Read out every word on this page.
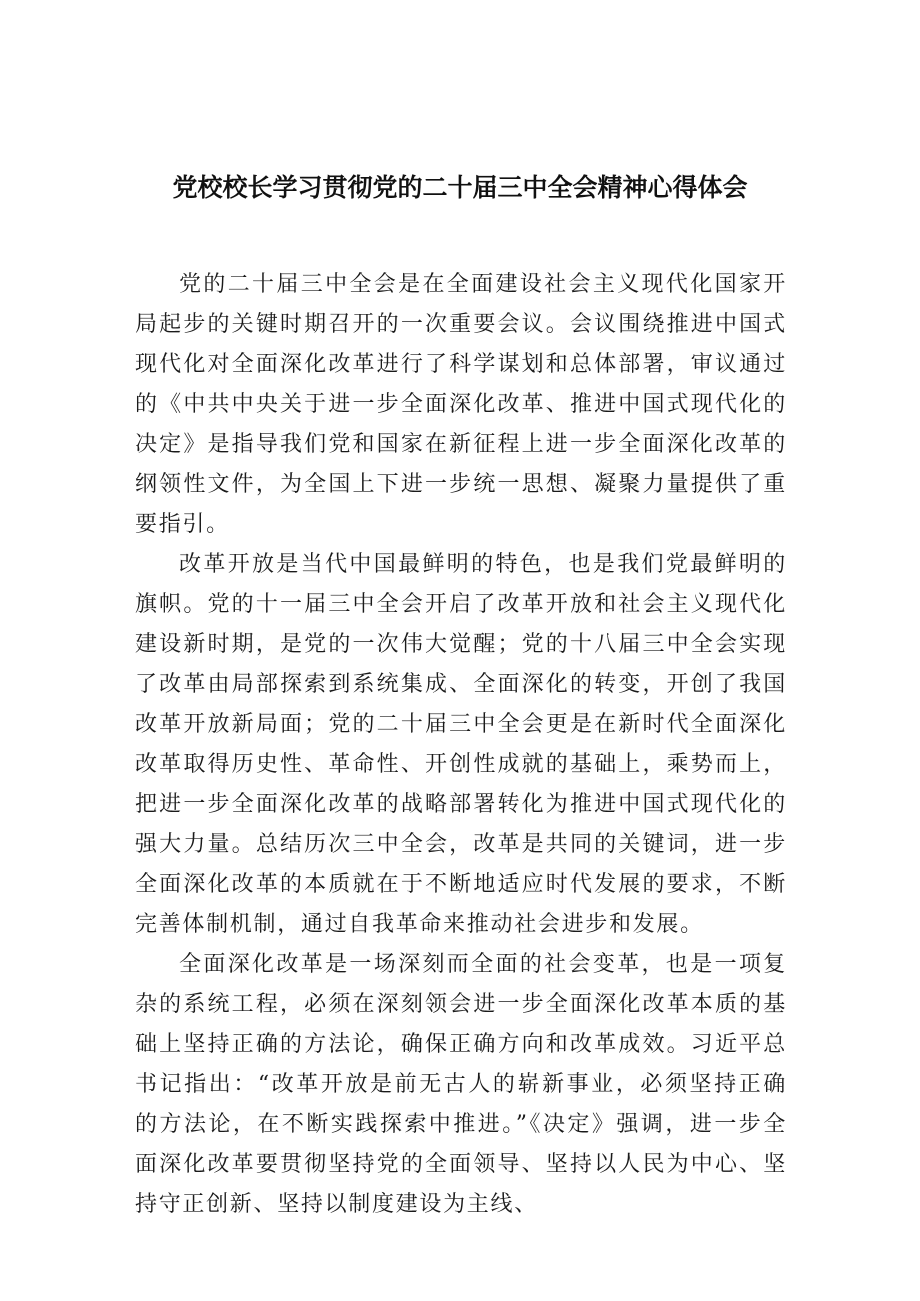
党校校长学习贯彻党的二十届三中全会精神心得体会

党的二十届三中全会是在全面建设社会主义现代化国家开局起步的关键时期召开的一次重要会议。会议围绕推进中国式现代化对全面深化改革进行了科学谋划和总体部署，审议通过的《中共中央关于进一步全面深化改革、推进中国式现代化的决定》是指导我们党和国家在新征程上进一步全面深化改革的纲领性文件，为全国上下进一步统一思想、凝聚力量提供了重要指引。

改革开放是当代中国最鲜明的特色，也是我们党最鲜明的旗帜。党的十一届三中全会开启了改革开放和社会主义现代化建设新时期，是党的一次伟大觉醒；党的十八届三中全会实现了改革由局部探索到系统集成、全面深化的转变，开创了我国改革开放新局面；党的二十届三中全会更是在新时代全面深化改革取得历史性、革命性、开创性成就的基础上，乘势而上，把进一步全面深化改革的战略部署转化为推进中国式现代化的强大力量。总结历次三中全会，改革是共同的关键词，进一步全面深化改革的本质就在于不断地适应时代发展的要求，不断完善体制机制，通过自我革命来推动社会进步和发展。

全面深化改革是一场深刻而全面的社会变革，也是一项复杂的系统工程，必须在深刻领会进一步全面深化改革本质的基础上坚持正确的方法论，确保正确方向和改革成效。习近平总书记指出：“改革开放是前无古人的崭新事业，必须坚持正确的方法论，在不断实践探索中推进。”《决定》强调，进一步全面深化改革要贯彻坚持党的全面领导、坚持以人民为中心、坚持守正创新、坚持以制度建设为主线、
